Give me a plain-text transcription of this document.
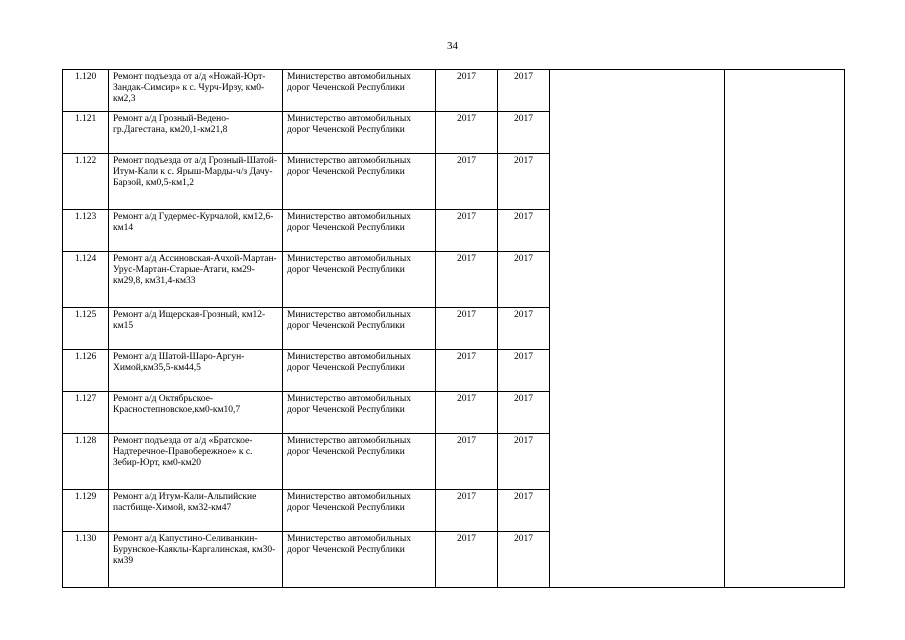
34
1.120	Ремонт подъезда от а/д «Ножай-Юрт-Зандак-Симсир» к с. Чурч-Ирзу, км0-км2,3	Министерство автомобильных дорог Чеченской Республики	2017	2017		
1.121	Ремонт а/д Грозный-Ведено-гр.Дагестана, км20,1-км21,8	Министерство автомобильных дорог Чеченской Республики	2017	2017		
1.122	Ремонт подъезда от а/д Грозный-Шатой-Итум-Кали к с. Ярыш-Марды-ч/з Дачу-Барзой, км0,5-км1,2	Министерство автомобильных дорог Чеченской Республики	2017	2017		
1.123	Ремонт а/д Гудермес-Курчалой, км12,6-км14	Министерство автомобильных дорог Чеченской Республики	2017	2017		
1.124	Ремонт а/д Ассиновская-Ачхой-Мартан-Урус-Мартан-Старые-Атаги, км29-км29,8, км31,4-км33	Министерство автомобильных дорог Чеченской Республики	2017	2017		
1.125	Ремонт а/д Ищерская-Грозный, км12-км15	Министерство автомобильных дорог Чеченской Республики	2017	2017		
1.126	Ремонт а/д Шатой-Шаро-Аргун-Химой,км35,5-км44,5	Министерство автомобильных дорог Чеченской Республики	2017	2017		
1.127	Ремонт а/д Октябрьское-Красностепновское,км0-км10,7	Министерство автомобильных дорог Чеченской Республики	2017	2017		
1.128	Ремонт подъезда от а/д «Братское-Надтеречное-Правобережное» к с. Зебир-Юрт, км0-км20	Министерство автомобильных дорог Чеченской Республики	2017	2017		
1.129	Ремонт а/д Итум-Кали-Альпийские пастбище-Химой, км32-км47	Министерство автомобильных дорог Чеченской Республики	2017	2017		
1.130	Ремонт а/д Капустино-Селиванкин-Бурунское-Каяклы-Каргалинская, км30-км39	Министерство автомобильных дорог Чеченской Республики	2017	2017		
